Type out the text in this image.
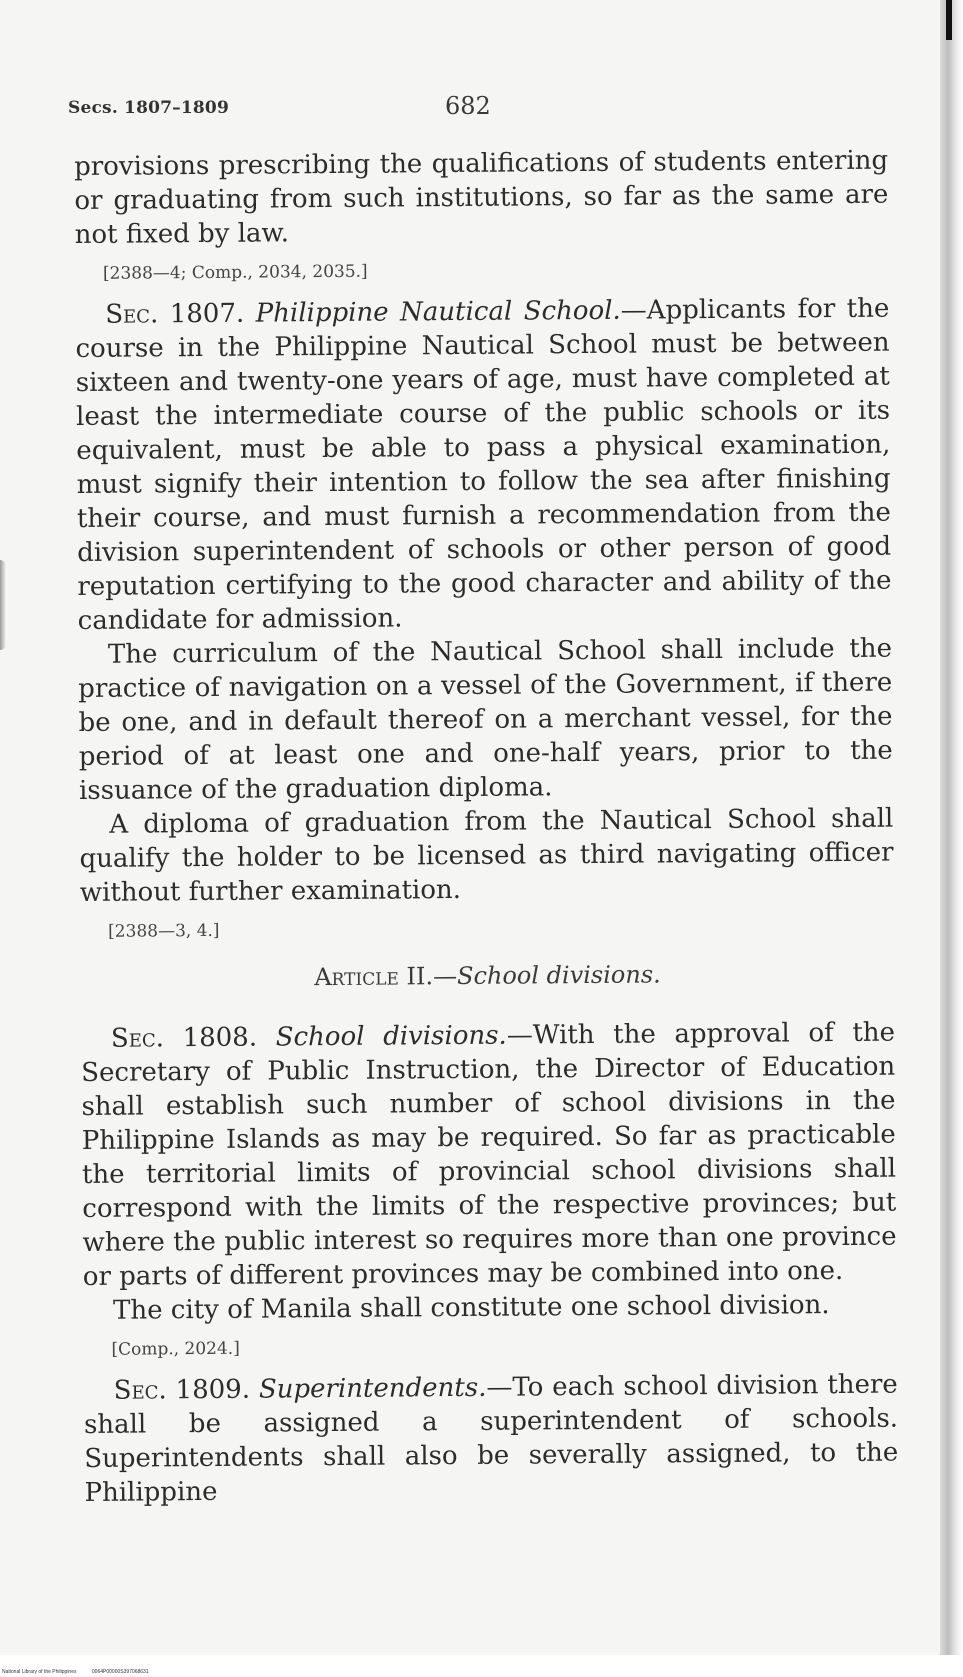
Secs. 1807–1809	682

provisions prescribing the qualifications of students entering or graduating from such institutions, so far as the same are not fixed by law.

[2388—4; Comp., 2034, 2035.]

Sec. 1807. Philippine Nautical School.—Applicants for the course in the Philippine Nautical School must be between sixteen and twenty-one years of age, must have completed at least the intermediate course of the public schools or its equivalent, must be able to pass a physical examination, must signify their intention to follow the sea after finishing their course, and must furnish a recommendation from the division superintendent of schools or other person of good reputation certifying to the good character and ability of the candidate for admission.

The curriculum of the Nautical School shall include the practice of navigation on a vessel of the Government, if there be one, and in default thereof on a merchant vessel, for the period of at least one and one-half years, prior to the issuance of the graduation diploma.

A diploma of graduation from the Nautical School shall qualify the holder to be licensed as third navigating officer without further examination.

[2388—3, 4.]

Article II.—School divisions.

Sec. 1808. School divisions.—With the approval of the Secretary of Public Instruction, the Director of Education shall establish such number of school divisions in the Philippine Islands as may be required. So far as practicable the territorial limits of provincial school divisions shall correspond with the limits of the respective provinces; but where the public interest so requires more than one province or parts of different provinces may be combined into one.

The city of Manila shall constitute one school division.

[Comp., 2024.]

Sec. 1809. Superintendents.—To each school division there shall be assigned a superintendent of schools. Superintendents shall also be severally assigned, to the Philippine

National Library of the Philippines	0064P00000S397068631
